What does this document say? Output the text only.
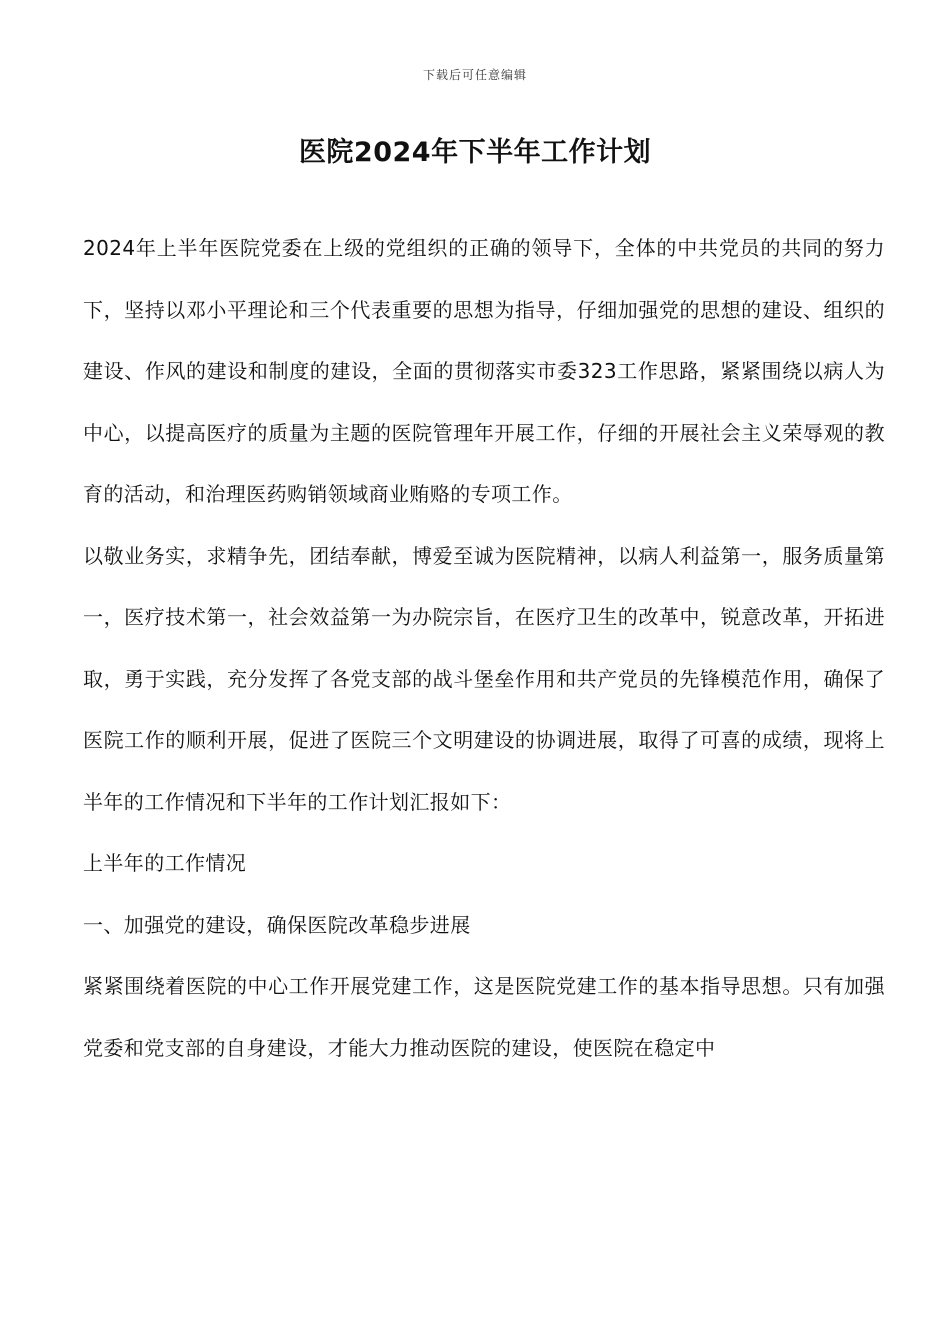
下载后可任意编辑
医院2024年下半年工作计划

2024年上半年医院党委在上级的党组织的正确的领导下，全体的中共党员的共同的努力下，坚持以邓小平理论和三个代表重要的思想为指导，仔细加强党的思想的建设、组织的建设、作风的建设和制度的建设，全面的贯彻落实市委323工作思路，紧紧围绕以病人为中心，以提高医疗的质量为主题的医院管理年开展工作，仔细的开展社会主义荣辱观的教育的活动，和治理医药购销领域商业贿赂的专项工作。

以敬业务实，求精争先，团结奉献，博爱至诚为医院精神，以病人利益第一，服务质量第一，医疗技术第一，社会效益第一为办院宗旨，在医疗卫生的改革中，锐意改革，开拓进取，勇于实践，充分发挥了各党支部的战斗堡垒作用和共产党员的先锋模范作用，确保了医院工作的顺利开展，促进了医院三个文明建设的协调进展，取得了可喜的成绩，现将上半年的工作情况和下半年的工作计划汇报如下：

上半年的工作情况

一、加强党的建设，确保医院改革稳步进展

紧紧围绕着医院的中心工作开展党建工作，这是医院党建工作的基本指导思想。只有加强党委和党支部的自身建设，才能大力推动医院的建设，使医院在稳定中
